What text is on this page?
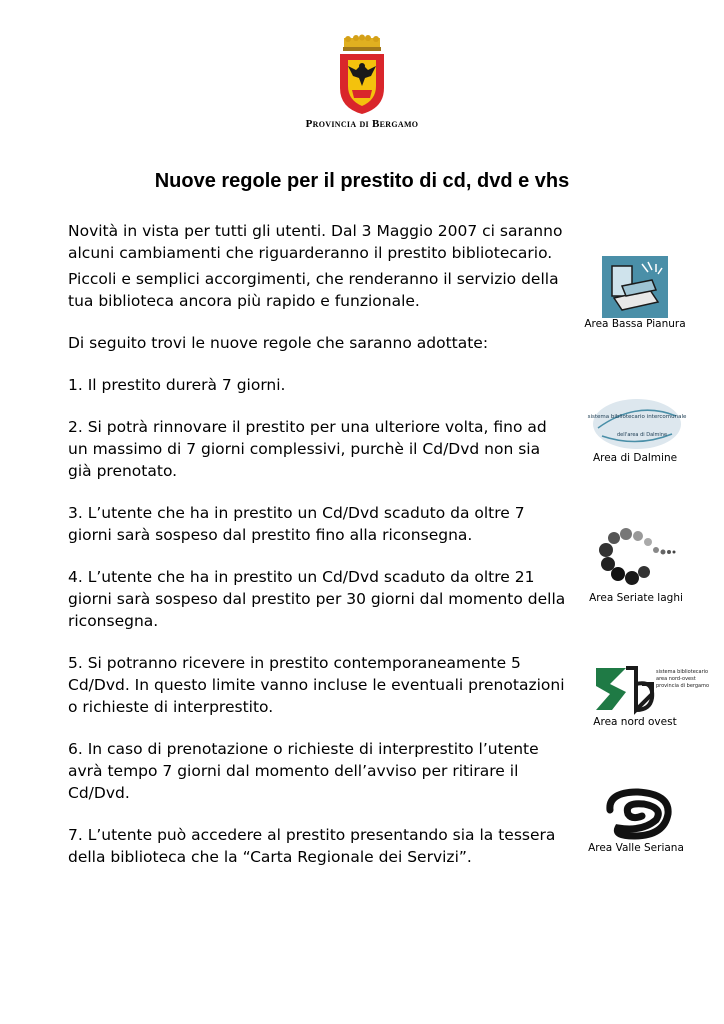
Provincia di Bergamo
Nuove regole per il prestito di cd, dvd e vhs

Novità in vista per tutti gli utenti. Dal 3 Maggio 2007 ci saranno alcuni cambiamenti che riguarderanno il prestito bibliotecario.

Piccoli e semplici accorgimenti, che renderanno il servizio della tua biblioteca ancora più rapido e funzionale.

Di seguito trovi le nuove regole che saranno adottate:

1. Il prestito durerà 7 giorni.

2. Si potrà rinnovare il prestito per una ulteriore volta, fino ad un massimo di 7 giorni complessivi, purchè il Cd/Dvd non sia già prenotato.

3. L’utente che ha in prestito un Cd/Dvd scaduto da oltre 7 giorni sarà sospeso dal prestito fino alla riconsegna.

4. L’utente che ha in prestito un Cd/Dvd scaduto da oltre 21 giorni sarà sospeso dal prestito per 30 giorni dal momento della riconsegna.

5. Si potranno ricevere in prestito contemporaneamente 5 Cd/Dvd. In questo limite vanno incluse le eventuali prenotazioni o richieste di interprestito.

6. In caso di prenotazione o richieste di interprestito l’utente avrà tempo 7 giorni dal momento dell’avviso per ritirare il Cd/Dvd.

7. L’utente può accedere al prestito presentando sia la tessera della biblioteca che la “Carta Regionale dei Servizi”.

Area Bassa Pianura
sistema bibliotecario intercomunale
dell'area di Dalmine
Area di Dalmine
Area Seriate laghi
sistema bibliotecario
area nord-ovest
provincia di bergamo
Area nord ovest
Area Valle Seriana
